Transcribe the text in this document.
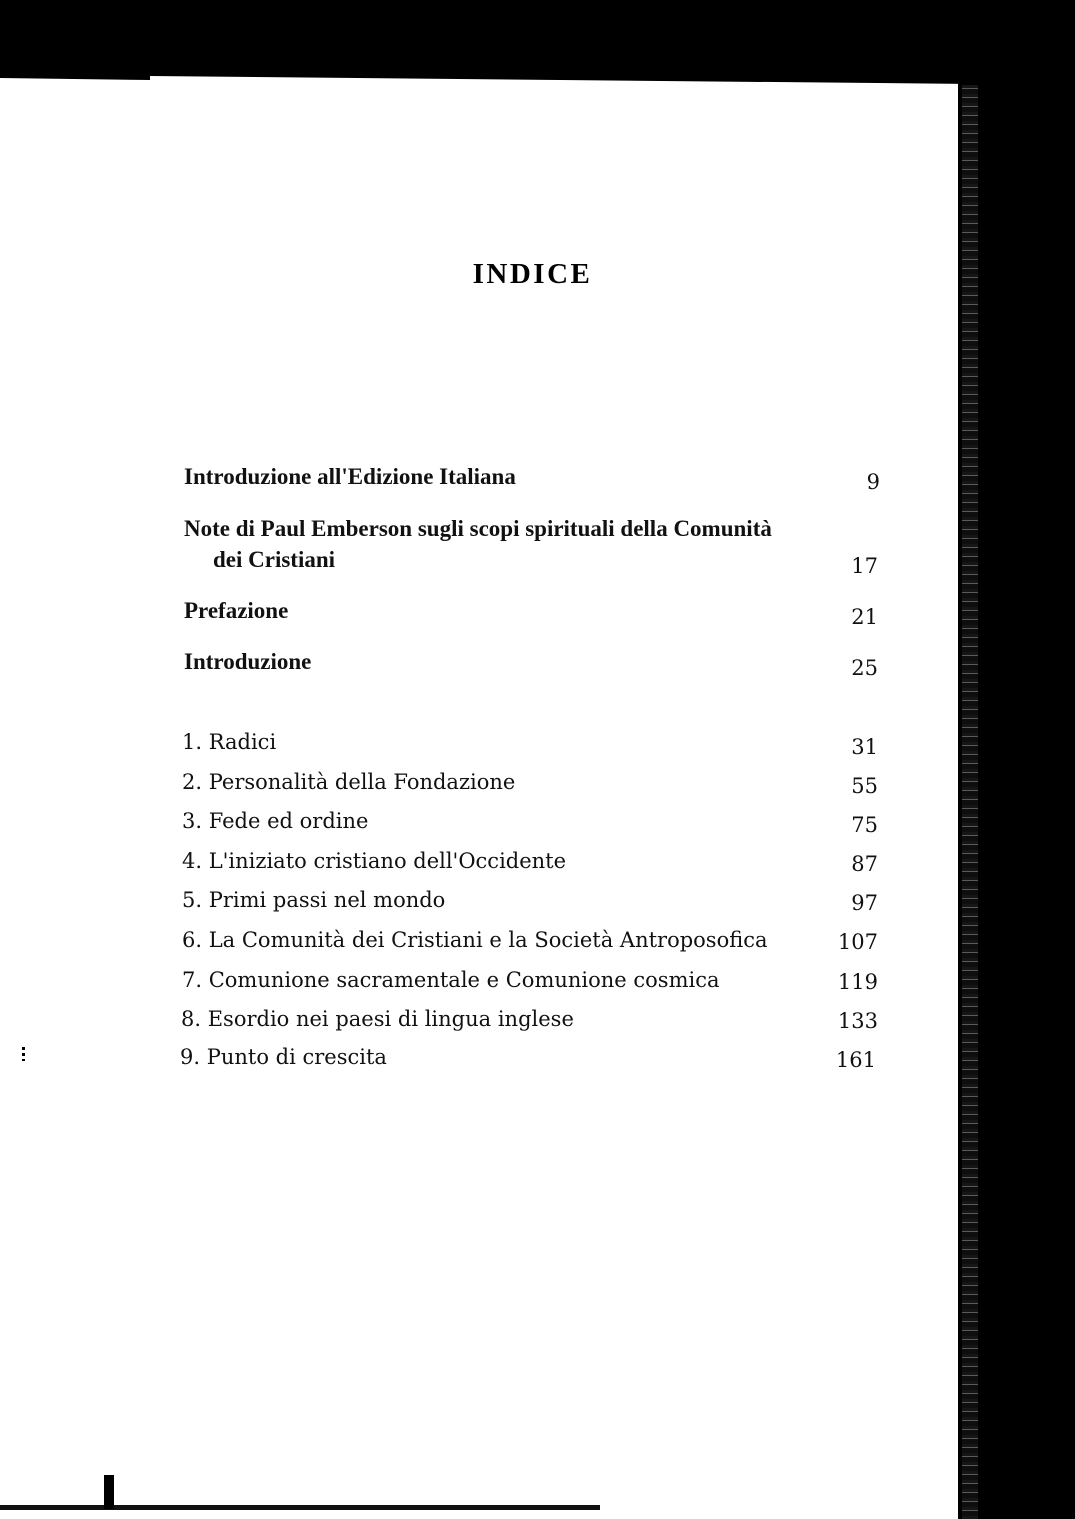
INDICE
Introduzione all'Edizione Italiana	9
Note di Paul Emberson sugli scopi spirituali della Comunità
dei Cristiani	17
Prefazione	21
Introduzione	25
1. Radici	31
2. Personalità della Fondazione	55
3. Fede ed ordine	75
4. L'iniziato cristiano dell'Occidente	87
5. Primi passi nel mondo	97
6. La Comunità dei Cristiani e la Società Antroposofica	107
7. Comunione sacramentale e Comunione cosmica	119
8. Esordio nei paesi di lingua inglese	133
9. Punto di crescita	161
